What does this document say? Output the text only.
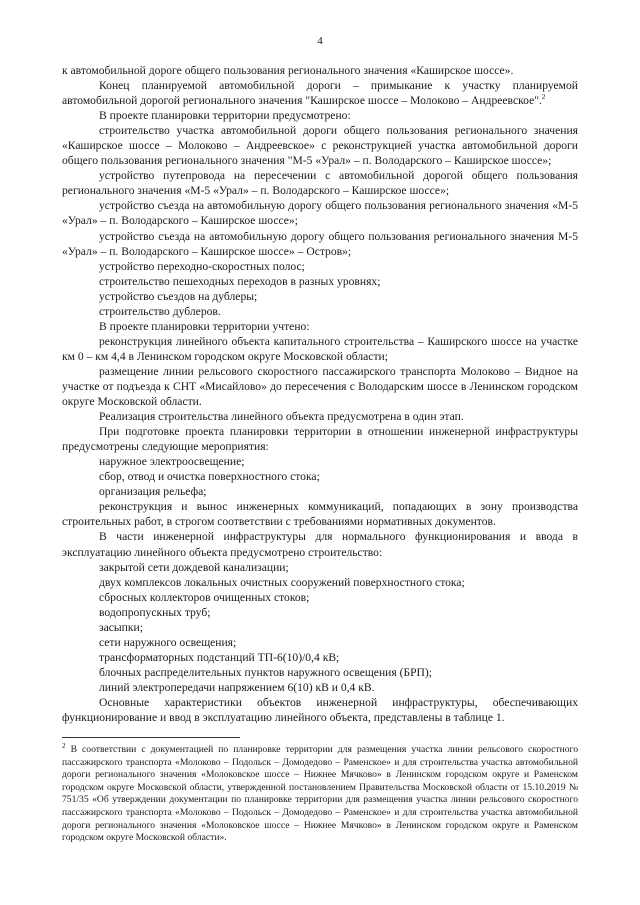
4

к автомобильной дороге общего пользования регионального значения «Каширское шоссе».

Конец планируемой автомобильной дороги – примыкание к участку планируемой автомобильной дорогой регионального значения "Каширское шоссе – Молоково – Андреевское".$^2$

В проекте планировки территории предусмотрено:

строительство участка автомобильной дороги общего пользования регионального значения «Каширское шоссе – Молоково – Андреевское» с реконструкцией участка автомобильной дороги общего пользования регионального значения "М-5 «Урал» – п. Володарского – Каширское шоссе»;

устройство путепровода на пересечении с автомобильной дорогой общего пользования регионального значения «М-5 «Урал» – п. Володарского – Каширское шоссе»;

устройство съезда на автомобильную дорогу общего пользования регионального значения «М-5 «Урал» – п. Володарского – Каширское шоссе»;

устройство съезда на автомобильную дорогу общего пользования регионального значения М-5 «Урал» – п. Володарского – Каширское шоссе» – Остров»;

устройство переходно-скоростных полос;

строительство пешеходных переходов в разных уровнях;

устройство съездов на дублеры;

строительство дублеров.

В проекте планировки территории учтено:

реконструкция линейного объекта капитального строительства – Каширского шоссе на участке км 0 – км 4,4 в Ленинском городском округе Московской области;

размещение линии рельсового скоростного пассажирского транспорта Молоково – Видное на участке от подъезда к СНТ «Мисайлово» до пересечения с Володарским шоссе в Ленинском городском округе Московской области.

Реализация строительства линейного объекта предусмотрена в один этап.

При подготовке проекта планировки территории в отношении инженерной инфраструктуры предусмотрены следующие мероприятия:

наружное электроосвещение;

сбор, отвод и очистка поверхностного стока;

организация рельефа;

реконструкция и вынос инженерных коммуникаций, попадающих в зону производства строительных работ, в строгом соответствии с требованиями нормативных документов.

В части инженерной инфраструктуры для нормального функционирования и ввода в эксплуатацию линейного объекта предусмотрено строительство:

закрытой сети дождевой канализации;

двух комплексов локальных очистных сооружений поверхностного стока;

сбросных коллекторов очищенных стоков;

водопропускных труб;

засыпки;

сети наружного освещения;

трансформаторных подстанций ТП-6(10)/0,4 кВ;

блочных распределительных пунктов наружного освещения (БРП);

линий электропередачи напряжением 6(10) кВ и 0,4 кВ.

Основные характеристики объектов инженерной инфраструктуры, обеспечивающих функционирование и ввод в эксплуатацию линейного объекта, представлены в таблице 1.

$^2$ В соответствии с документацией по планировке территории для размещения участка линии рельсового скоростного пассажирского транспорта «Молоково – Подольск – Домодедово – Раменское» и для строительства участка автомобильной дороги регионального значения «Молоковское шоссе – Нижнее Мячково» в Ленинском городском округе и Раменском городском округе Московской области, утвержденной постановлением Правительства Московской области от 15.10.2019 № 751/35 «Об утверждении документации по планировке территории для размещения участка линии рельсового скоростного пассажирского транспорта «Молоково – Подольск – Домодедово – Раменское» и для строительства участка автомобильной дороги регионального значения «Молоковское шоссе – Нижнее Мячково» в Ленинском городском округе и Раменском городском округе Московской области».
